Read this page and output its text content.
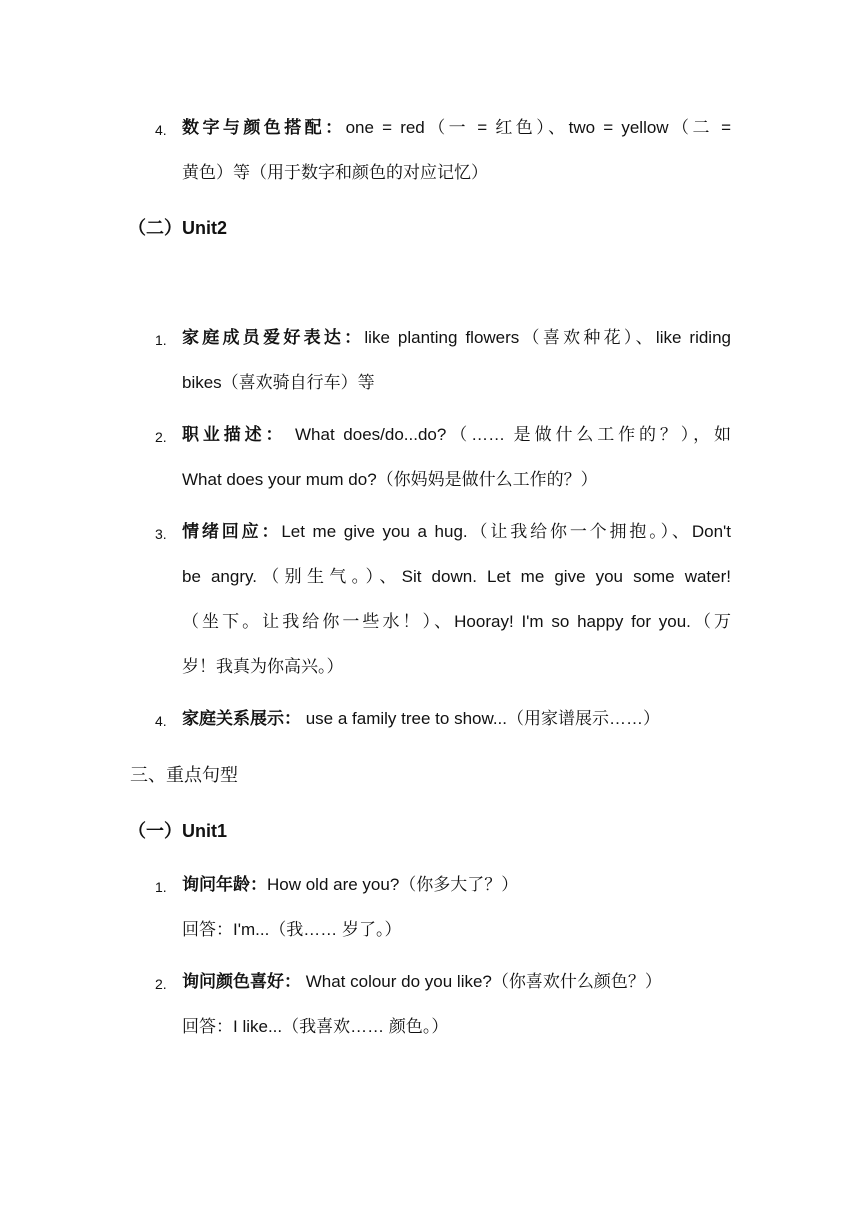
4. 数字与颜色搭配：one = red（一 = 红色）、two = yellow（二 =
黄色）等（用于数字和颜色的对应记忆）
（二）Unit2
1. 家庭成员爱好表达：like planting flowers（喜欢种花）、like riding
bikes（喜欢骑自行车）等
2. 职业描述： What does/do...do?（…… 是做什么工作的？），如
What does your mum do?（你妈妈是做什么工作的？）
3. 情绪回应：Let me give you a hug.（让我给你一个拥抱。）、Don't
be angry.（别生气。）、Sit down. Let me give you some water!
（坐下。让我给你一些水！）、Hooray! I'm so happy for you.（万
岁！我真为你高兴。）
4. 家庭关系展示： use a family tree to show...（用家谱展示……）
三、重点句型
（一）Unit1
1. 询问年龄：How old are you?（你多大了？）
回答：I'm...（我…… 岁了。）
2. 询问颜色喜好： What colour do you like?（你喜欢什么颜色？）
回答：I like...（我喜欢…… 颜色。）
